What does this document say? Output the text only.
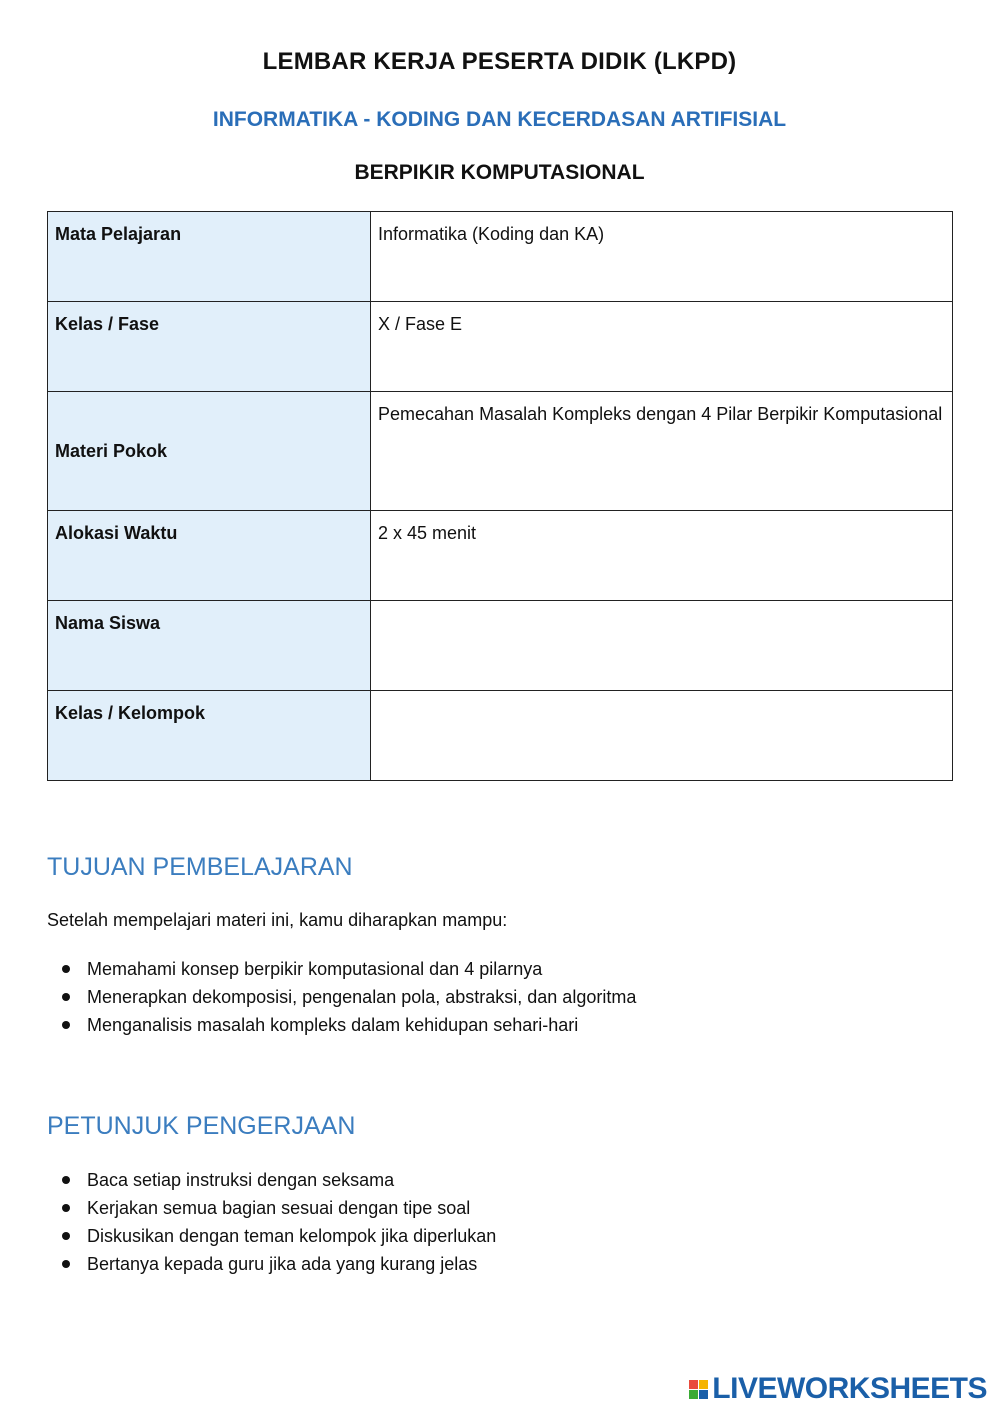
LEMBAR KERJA PESERTA DIDIK (LKPD)
INFORMATIKA - KODING DAN KECERDASAN ARTIFISIAL
BERPIKIR KOMPUTASIONAL
Mata Pelajaran	Informatika (Koding dan KA)
Kelas / Fase	X / Fase E
Materi Pokok	Pemecahan Masalah Kompleks dengan 4 Pilar Berpikir Komputasional
Alokasi Waktu	2 x 45 menit
Nama Siswa	
Kelas / Kelompok	
TUJUAN PEMBELAJARAN
Setelah mempelajari materi ini, kamu diharapkan mampu:
Memahami konsep berpikir komputasional dan 4 pilarnya
Menerapkan dekomposisi, pengenalan pola, abstraksi, dan algoritma
Menganalisis masalah kompleks dalam kehidupan sehari-hari
PETUNJUK PENGERJAAN
Baca setiap instruksi dengan seksama
Kerjakan semua bagian sesuai dengan tipe soal
Diskusikan dengan teman kelompok jika diperlukan
Bertanya kepada guru jika ada yang kurang jelas
LIVEWORKSHEETS
